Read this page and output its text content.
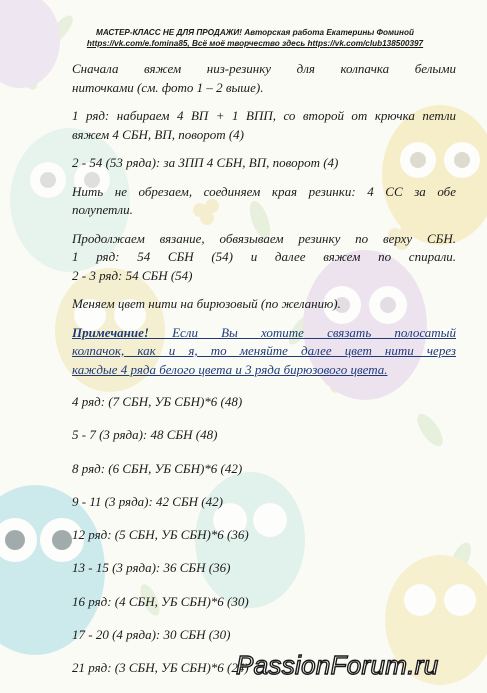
МАСТЕР-КЛАСС НЕ ДЛЯ ПРОДАЖИ! Авторская работа Екатерины Фоминой
https://vk.com/e.fomina85, Всё моё творчество здесь https://vk.com/club138500397
Сначала вяжем низ-резинку для колпачка белыми
ниточками (см. фото 1 – 2 выше).
1 ряд: набираем 4 ВП + 1 ВПП, со второй от крючка петли
вяжем 4 СБН, ВП, поворот (4)
2 - 54 (53 ряда): за ЗПП 4 СБН, ВП, поворот (4)
Нить не обрезаем, соединяем края резинки: 4 СС за обе
полупетли.
Продолжаем вязание, обвязываем резинку по верху СБН.
1 ряд: 54 СБН (54) и далее вяжем по спирали.
2 - 3 ряд: 54 СБН (54)
Меняем цвет нити на бирюзовый (по желанию).
Примечание! Если Вы хотите связать полосатый
колпачок, как и я, то меняйте далее цвет нити через
каждые 4 ряда белого цвета и 3 ряда бирюзового цвета.
4 ряд: (7 СБН, УБ СБН)*6 (48)
5 - 7 (3 ряда): 48 СБН (48)
8 ряд: (6 СБН, УБ СБН)*6 (42)
9 - 11 (3 ряда): 42 СБН (42)
12 ряд: (5 СБН, УБ СБН)*6 (36)
13 - 15 (3 ряда): 36 СБН (36)
16 ряд: (4 СБН, УБ СБН)*6 (30)
17 - 20 (4 ряда): 30 СБН (30)
21 ряд: (3 СБН, УБ СБН)*6 (24)
PassionForum.ru
